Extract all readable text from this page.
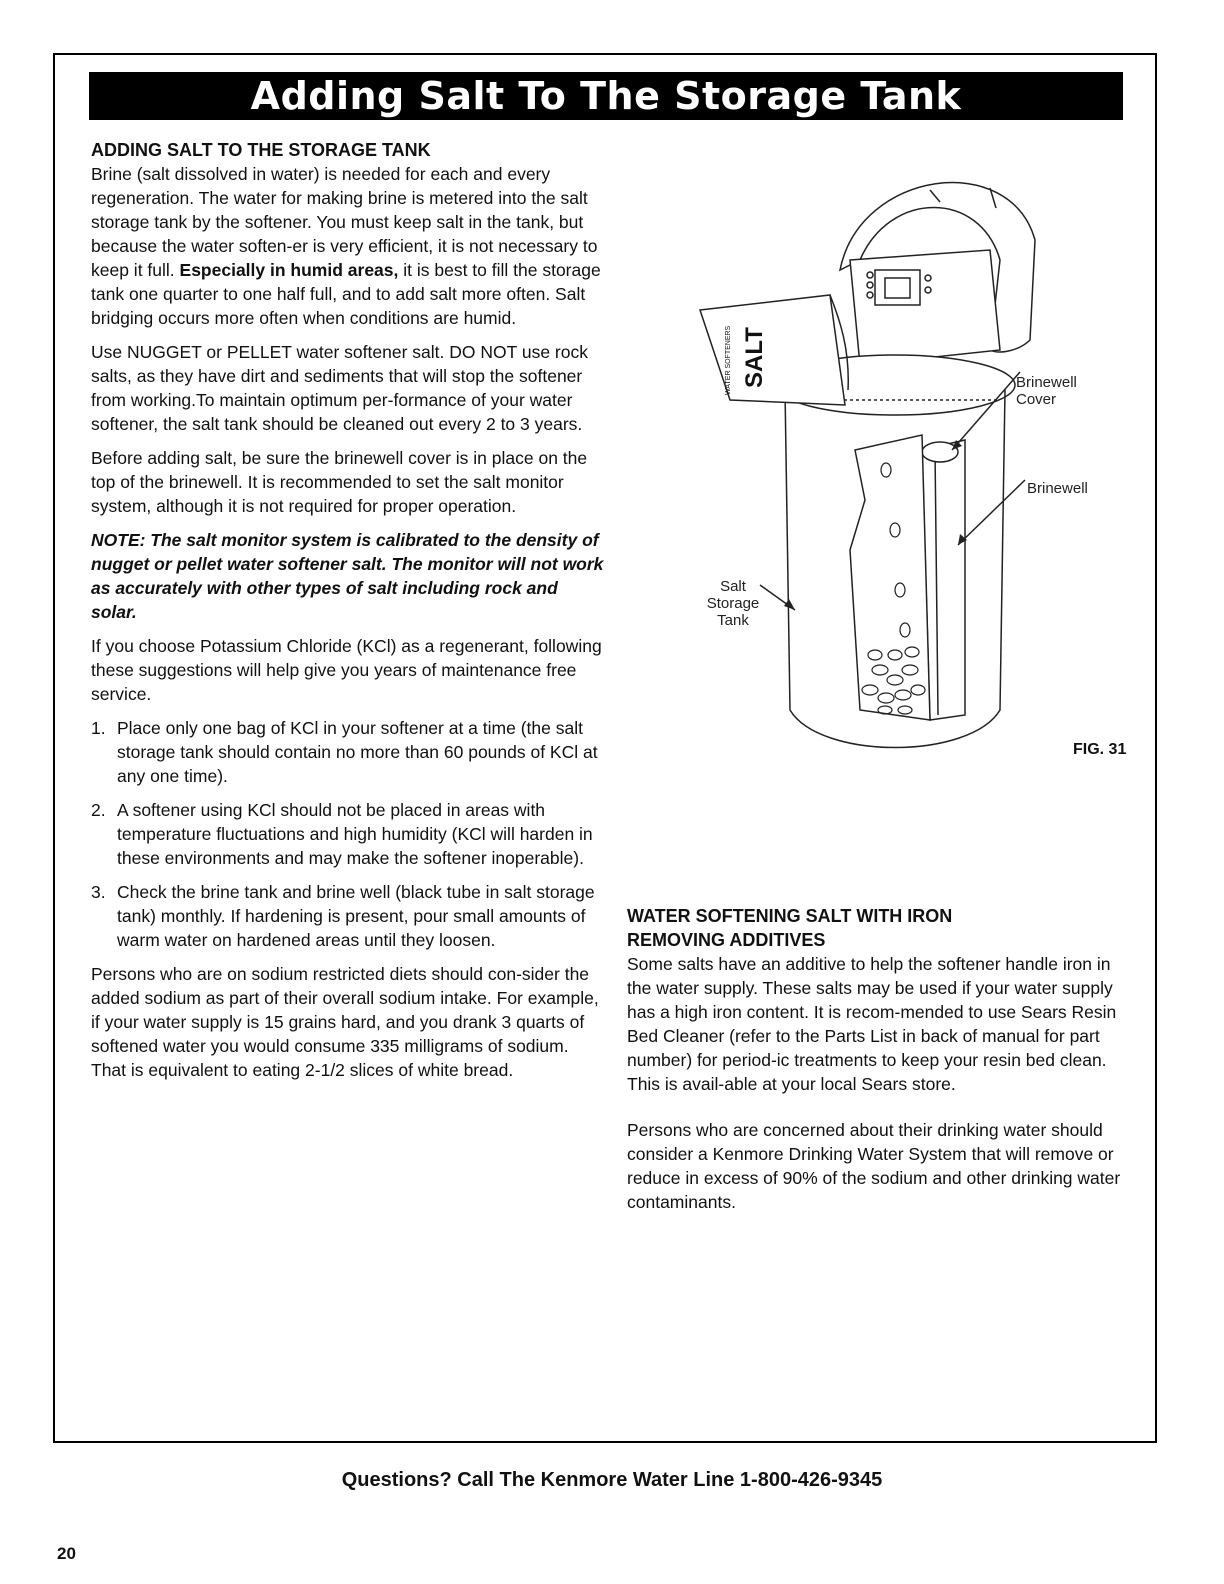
Adding Salt To The Storage Tank
ADDING SALT TO THE STORAGE TANK

Brine (salt dissolved in water) is needed for each and every regeneration. The water for making brine is metered into the salt storage tank by the softener. You must keep salt in the tank, but because the water soften-er is very efficient, it is not necessary to keep it full. Especially in humid areas, it is best to fill the storage tank one quarter to one half full, and to add salt more often. Salt bridging occurs more often when conditions are humid.

Use NUGGET or PELLET water softener salt. DO NOT use rock salts, as they have dirt and sediments that will stop the softener from working.To maintain optimum per-formance of your water softener, the salt tank should be cleaned out every 2 to 3 years.

Before adding salt, be sure the brinewell cover is in place on the top of the brinewell. It is recommended to set the salt monitor system, although it is not required for proper operation.

NOTE: The salt monitor system is calibrated to the density of nugget or pellet water softener salt. The monitor will not work as accurately with other types of salt including rock and solar.

If you choose Potassium Chloride (KCl) as a regenerant, following these suggestions will help give you years of maintenance free service.

1. Place only one bag of KCl in your softener at a time (the salt storage tank should contain no more than 60 pounds of KCl at any one time).
2. A softener using KCl should not be placed in areas with temperature fluctuations and high humidity (KCl will harden in these environments and may make the softener inoperable).
3. Check the brine tank and brine well (black tube in salt storage tank) monthly. If hardening is present, pour small amounts of warm water on hardened areas until they loosen.

Persons who are on sodium restricted diets should con-sider the added sodium as part of their overall sodium intake. For example, if your water supply is 15 grains hard, and you drank 3 quarts of softened water you would consume 335 milligrams of sodium. That is equivalent to eating 2-1/2 slices of white bread.

SALT
WATER SOFTENERS	Brinewell Cover
Brinewell
Salt Storage Tank
FIG. 31
WATER SOFTENING SALT WITH IRON
REMOVING ADDITIVES

Some salts have an additive to help the softener handle iron in the water supply. These salts may be used if your water supply has a high iron content. It is recom-mended to use Sears Resin Bed Cleaner (refer to the Parts List in back of manual for part number) for period-ic treatments to keep your resin bed clean. This is avail-able at your local Sears store.

Persons who are concerned about their drinking water should consider a Kenmore Drinking Water System that will remove or reduce in excess of 90% of the sodium and other drinking water contaminants.

Questions? Call The Kenmore Water Line 1-800-426-9345
20
